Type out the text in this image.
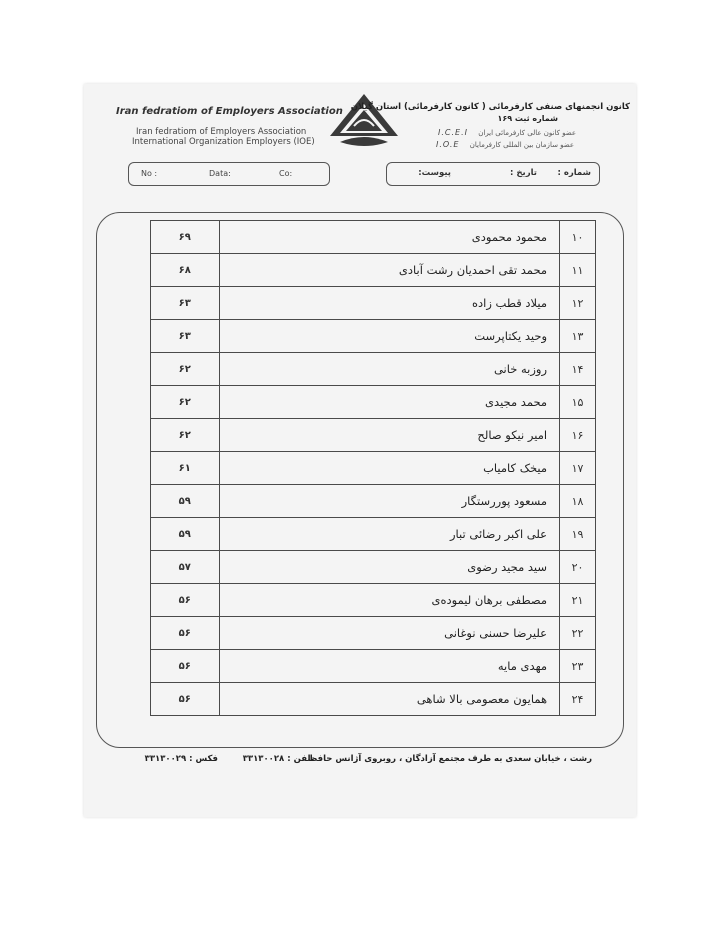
Iran fedratiom of Employers Association
Iran fedratiom of Employers Association
International Organization Employers (IOE)
کانون انجمنهای صنفی کارفرمائی ( کانون کارفرمائی) استان گیلان
شماره ثبت ۱۶۹
I.C.E.I عضو کانون عالی کارفرمائی ایران
I.O.E عضو سازمان بین المللی کارفرمایان
No :	Data:	Co:	شماره :
تاریخ :
پیوست:
۱۰	محمود محمودی	۶۹
۱۱	محمد تقی احمدیان رشت آبادی	۶۸
۱۲	میلاد قطب زاده	۶۳
۱۳	وحید یکتاپرست	۶۳
۱۴	روزبه خانی	۶۲
۱۵	محمد مجیدی	۶۲
۱۶	امیر نیکو صالح	۶۲
۱۷	میخک کامیاب	۶۱
۱۸	مسعود پوررستگار	۵۹
۱۹	علی اکبر رضائی تبار	۵۹
۲۰	سید مجید رضوی	۵۷
۲۱	مصطفی برهان لیموده‌ی	۵۶
۲۲	علیرضا حسنی نوغانی	۵۶
۲۳	مهدی مایه	۵۶
۲۴	همایون معصومی بالا شاهی	۵۶
رشت ، خیابان سعدی به طرف مجتمع آزادگان ، روبروی آژانس حافظ
تلفن : ۳۳۱۳۰۰۲۸
فکس : ۳۳۱۳۰۰۲۹
